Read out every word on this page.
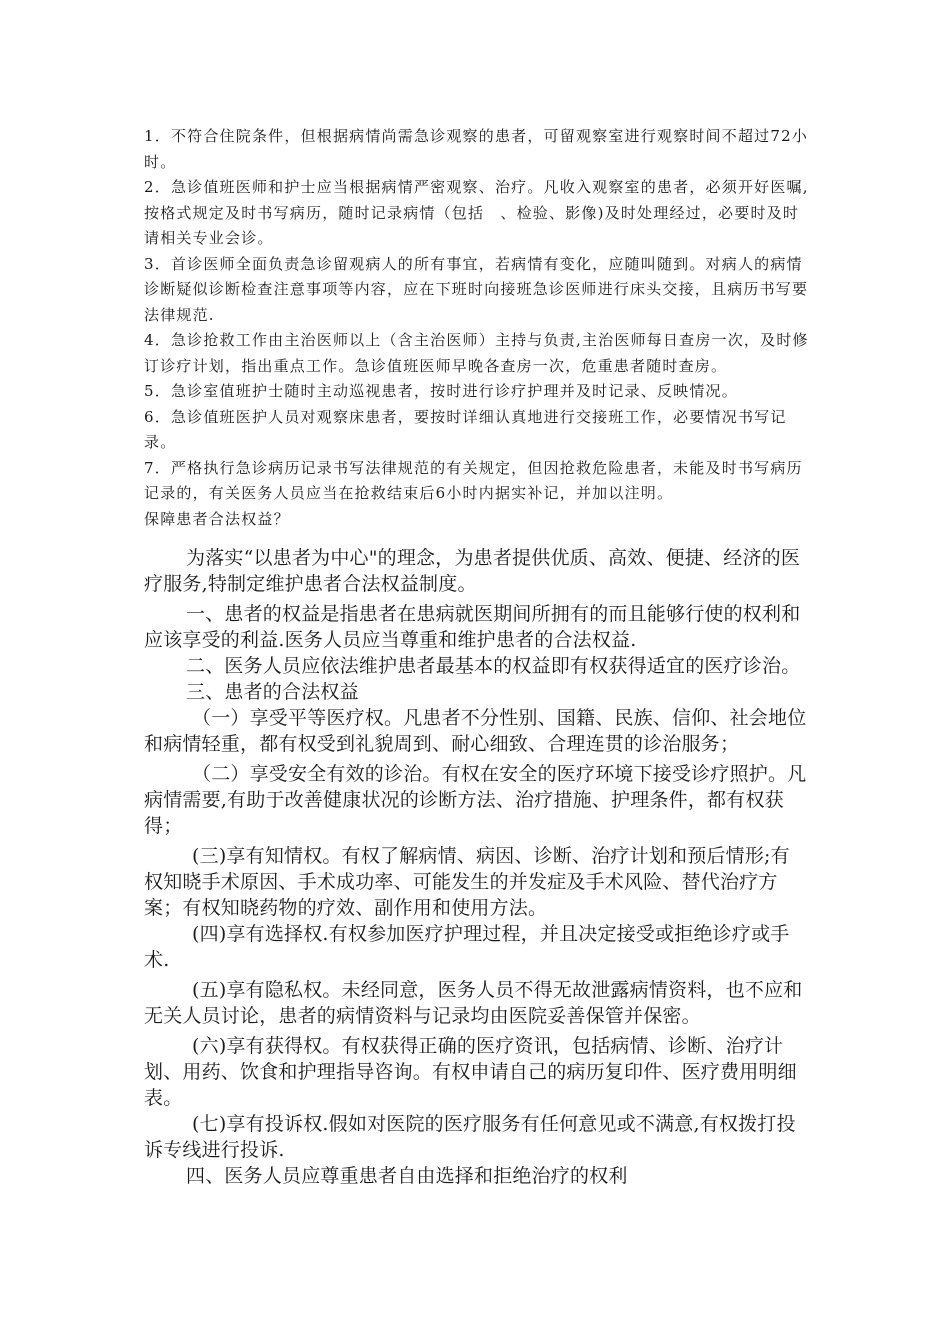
1．不符合住院条件，但根据病情尚需急诊观察的患者，可留观察室进行观察时间不超过72小时。

2．急诊值班医师和护士应当根据病情严密观察、治疗。凡收入观察室的患者，必须开好医嘱,按格式规定及时书写病历，随时记录病情（包括　、检验、影像)及时处理经过，必要时及时请相关专业会诊。

3．首诊医师全面负责急诊留观病人的所有事宜，若病情有变化，应随叫随到。对病人的病情诊断疑似诊断检查注意事项等内容，应在下班时向接班急诊医师进行床头交接，且病历书写要法律规范.

4．急诊抢救工作由主治医师以上（含主治医师）主持与负责,主治医师每日查房一次，及时修订诊疗计划，指出重点工作。急诊值班医师早晚各查房一次，危重患者随时查房。

5．急诊室值班护士随时主动巡视患者，按时进行诊疗护理并及时记录、反映情况。

6．急诊值班医护人员对观察床患者，要按时详细认真地进行交接班工作，必要情况书写记录。

7．严格执行急诊病历记录书写法律规范的有关规定，但因抢救危险患者，未能及时书写病历记录的，有关医务人员应当在抢救结束后6小时内据实补记，并加以注明。

保障患者合法权益？

为落实“以患者为中心"的理念，为患者提供优质、高效、便捷、经济的医疗服务,特制定维护患者合法权益制度。

一、患者的权益是指患者在患病就医期间所拥有的而且能够行使的权利和应该享受的利益.医务人员应当尊重和维护患者的合法权益.

二、医务人员应依法维护患者最基本的权益即有权获得适宜的医疗诊治。

三、患者的合法权益

（一）享受平等医疗权。凡患者不分性别、国籍、民族、信仰、社会地位和病情轻重，都有权受到礼貌周到、耐心细致、合理连贯的诊治服务；

（二）享受安全有效的诊治。有权在安全的医疗环境下接受诊疗照护。凡病情需要,有助于改善健康状况的诊断方法、治疗措施、护理条件，都有权获得；

(三)享有知情权。有权了解病情、病因、诊断、治疗计划和预后情形;有权知晓手术原因、手术成功率、可能发生的并发症及手术风险、替代治疗方案；有权知晓药物的疗效、副作用和使用方法。

(四)享有选择权.有权参加医疗护理过程，并且决定接受或拒绝诊疗或手术.

(五)享有隐私权。未经同意，医务人员不得无故泄露病情资料，也不应和无关人员讨论，患者的病情资料与记录均由医院妥善保管并保密。

(六)享有获得权。有权获得正确的医疗资讯，包括病情、诊断、治疗计划、用药、饮食和护理指导咨询。有权申请自己的病历复印件、医疗费用明细表。

(七)享有投诉权.假如对医院的医疗服务有任何意见或不满意,有权拨打投诉专线进行投诉.

四、医务人员应尊重患者自由选择和拒绝治疗的权利
